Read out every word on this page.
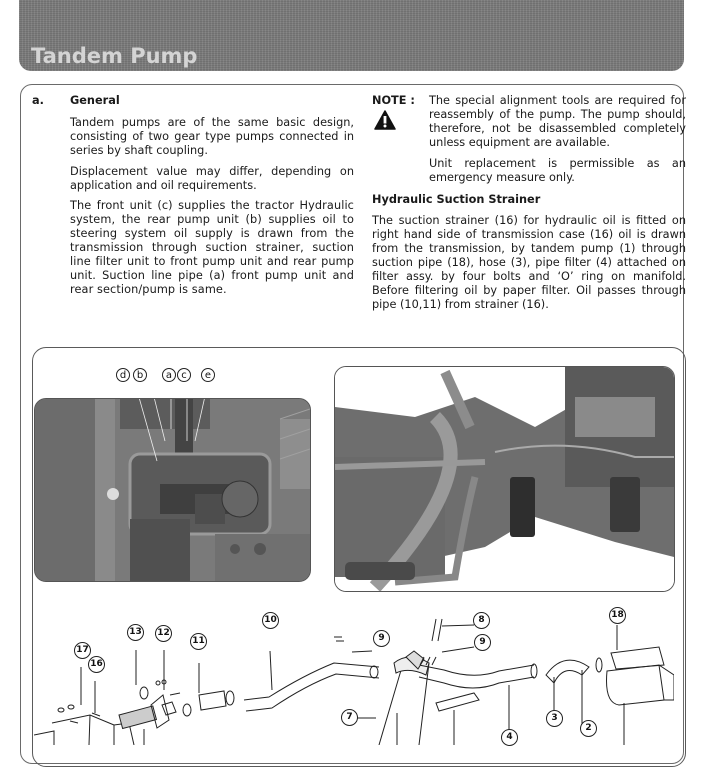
Tandem Pump
a.	General

Tandem pumps are of the same basic design, consisting of two gear type pumps connected in series by shaft coupling.

Displacement value may differ, depending on application and oil requirements.

The front unit (c) supplies the tractor Hydraulic system, the rear pump unit (b) supplies oil to steering system oil supply is drawn from the transmission through suction strainer, suction line filter unit to front pump unit and rear pump unit. Suction line pipe (a) front pump unit and rear section/pump is same.

NOTE :	The special alignment tools are required for reassembly of the pump. The pump should, therefore, not be disassembled completely unless equipment are available.

Unit replacement is permissible as an emergency measure only.

Hydraulic Suction Strainer

The suction strainer (16) for hydraulic oil is fitted on right hand side of transmission case (16) oil is drawn from the transmission, by tandem pump (1) through suction pipe (18), hose (3), pipe filter (4) attached on filter assy. by four bolts and ‘O’ ring on manifold. Before filtering oil by paper filter. Oil passes through pipe (10,11) from strainer (16).

d	b	a c	e
17
16
13 12
11
10
9	9
8
7
4
3
2
18
